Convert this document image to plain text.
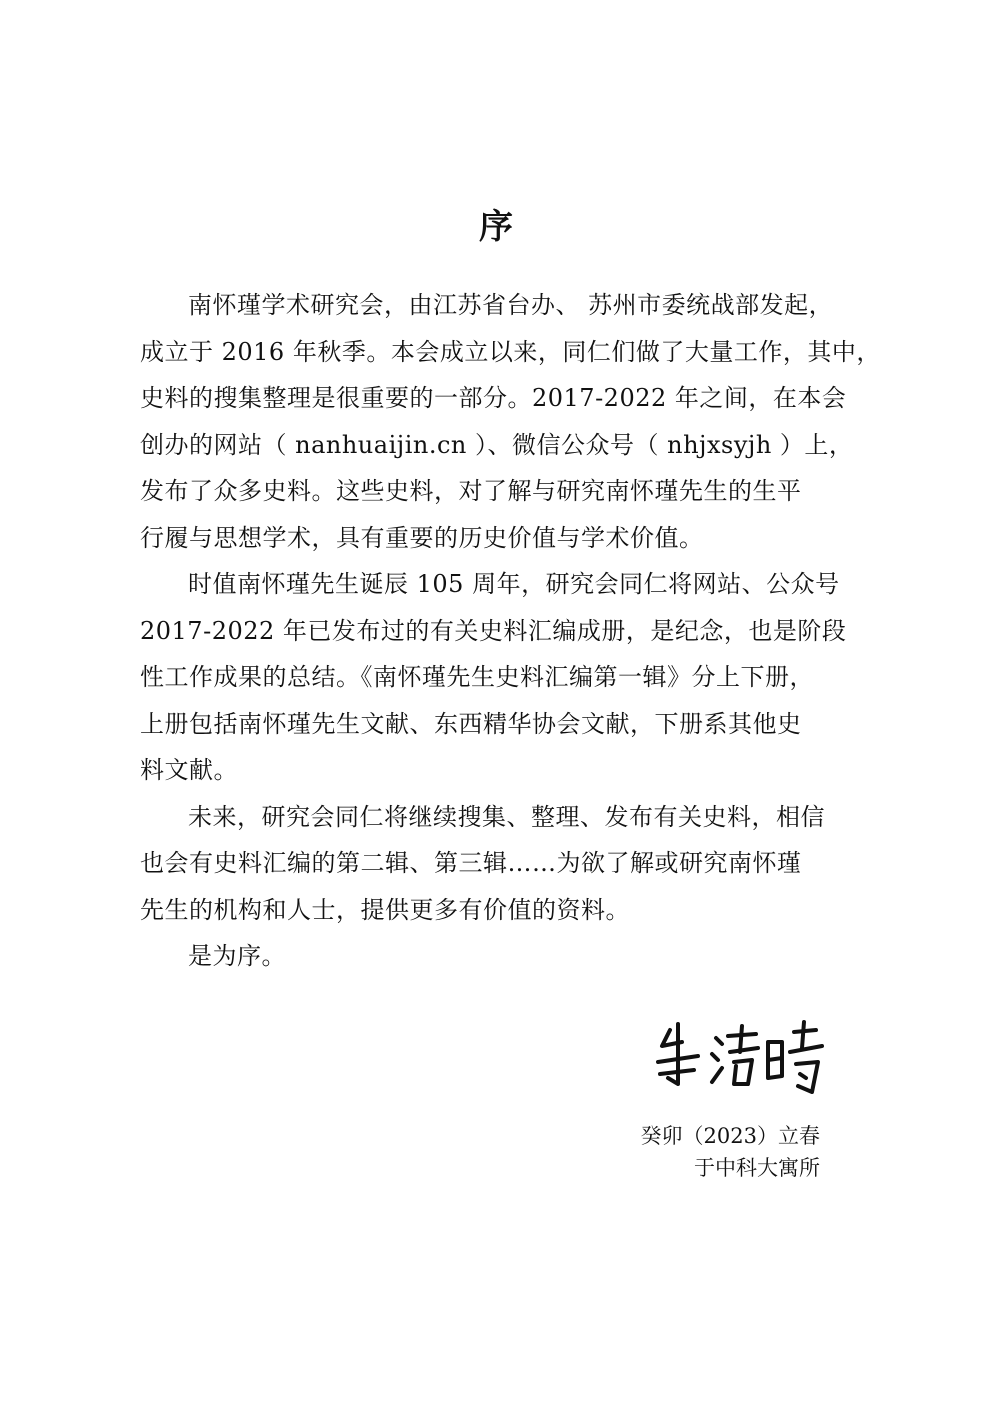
序
南怀瑾学术研究会，由江苏省台办、 苏州市委统战部发起，
成立于 2016 年秋季。本会成立以来，同仁们做了大量工作，其中，
史料的搜集整理是很重要的一部分。2017-2022 年之间，在本会
创办的网站（ nanhuaijin.cn ）、微信公众号（ nhjxsyjh ）上，
发布了众多史料。这些史料，对了解与研究南怀瑾先生的生平
行履与思想学术，具有重要的历史价值与学术价值。
时值南怀瑾先生诞辰 105 周年，研究会同仁将网站、公众号
2017-2022 年已发布过的有关史料汇编成册，是纪念，也是阶段
性工作成果的总结。《南怀瑾先生史料汇编第一辑》分上下册，
上册包括南怀瑾先生文献、东西精华协会文献，下册系其他史
料文献。
未来，研究会同仁将继续搜集、整理、发布有关史料，相信
也会有史料汇编的第二辑、第三辑……为欲了解或研究南怀瑾
先生的机构和人士，提供更多有价值的资料。
是为序。
癸卯（2023）立春
于中科大寓所
